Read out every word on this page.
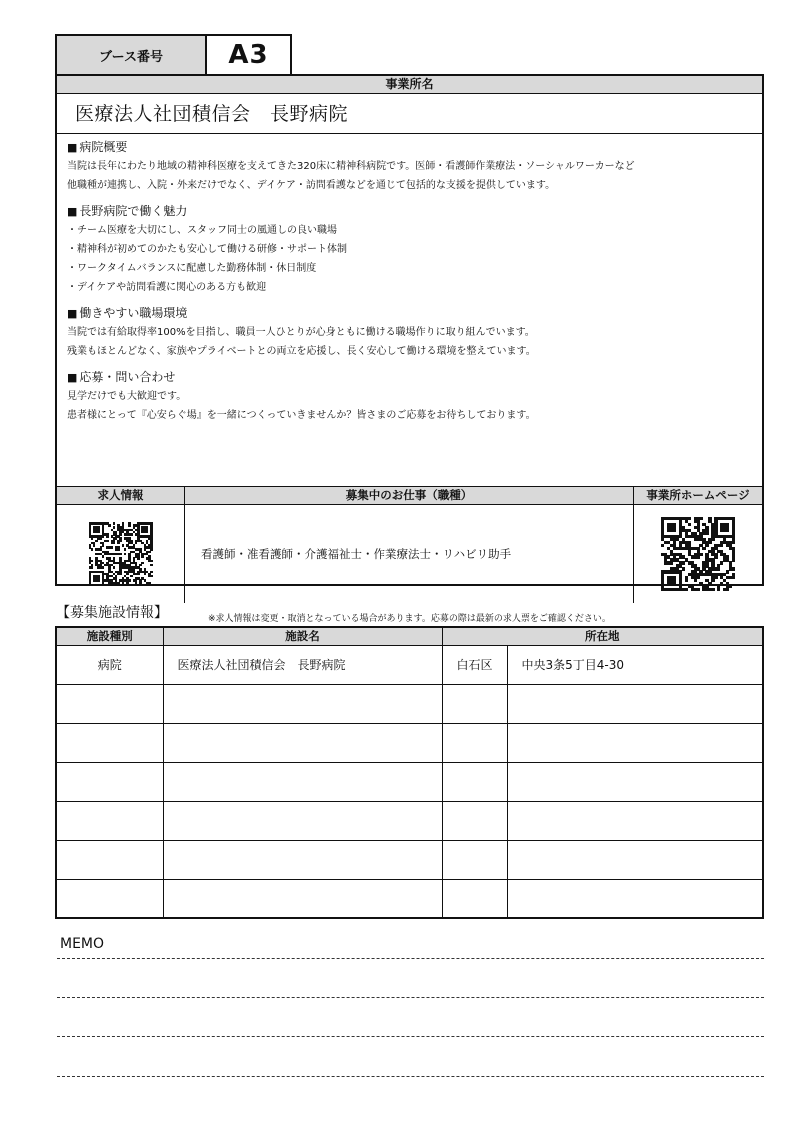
ブース番号	A3
事業所名
医療法人社団積信会　長野病院
■ 病院概要
当院は長年にわたり地域の精神科医療を支えてきた320床に精神科病院です。医師・看護師作業療法・ソーシャルワーカーなど
他職種が連携し、入院・外来だけでなく、デイケア・訪問看護などを通じて包括的な支援を提供しています。
■ 長野病院で働く魅力
・チーム医療を大切にし、スタッフ同士の風通しの良い職場
・精神科が初めてのかたも安心して働ける研修・サポート体制
・ワークタイムバランスに配慮した勤務体制・休日制度
・デイケアや訪問看護に関心のある方も歓迎
■ 働きやすい職場環境
当院では有給取得率100%を目指し、職員一人ひとりが心身ともに働ける職場作りに取り組んでいます。
残業もほとんどなく、家族やプライベートとの両立を応援し、長く安心して働ける環境を整えています。
■ 応募・問い合わせ
見学だけでも大歓迎です。
患者様にとって『心安らぐ場』を一緒につくっていきませんか？皆さまのご応募をお待ちしております。
求人情報	募集中のお仕事（職種）	事業所ホームページ
看護師・准看護師・介護福祉士・作業療法士・リハビリ助手
【募集施設情報】	※求人情報は変更・取消となっている場合があります。応募の際は最新の求人票をご確認ください。
施設種別	施設名	所在地	
病院	医療法人社団積信会　長野病院	白石区	中央3条5丁目4-30

MEMO
